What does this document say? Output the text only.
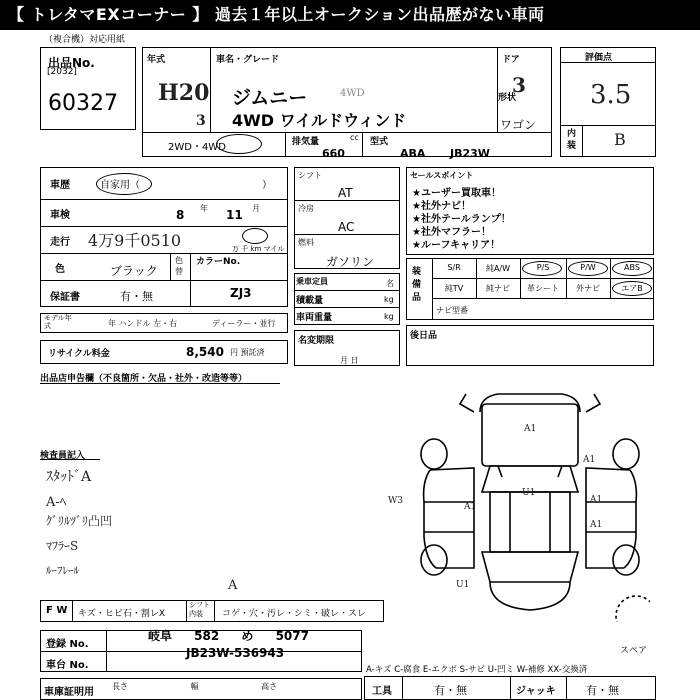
【 トレタマEXコーナー 】 過去１年以上オークション出品歴がない車両
（複合機）対応用紙
出品No.
[2032]
60327
年式
H20
3
車名・グレード
ジムニー	4WD
4WD ワイルドウィンド
ドア
3
形状
ワゴン
2WD・4WD	排気量	cc
660
型式
ABA JB23W
評価点
3.5
内装 B
車歴	自家用（	）
車検	8 年 11 月
走行 4万9千0510	万 千 km マイル
色	ブラック
色替
カラーNo.
ZJ3
保証書	有・無
モデル年式	年 ハンドル 左・右	ディーラー・並行
リサイクル料金	8,540 円 預託済
シフト
AT
冷房
AC
燃料
ガソリン
乗車定員	名
積載量	kg
車両重量	kg
名変期限
月 日
セールスポイント
★ユーザー買取車！
★社外ナビ！
★社外テールランプ！
★社外マフラー！
★ルーフキャリア！
装備品
S/R	純A/W	P/S	P/W	ABS
純TV	純ナビ	革シート	外ナビ	エアB
ナビ型番
後日品
出品店申告欄（不良箇所・欠品・社外・改造等等）
検査員記入
ｽﾀｯﾄﾞA
A-ﾍ
ｸﾞﾘﾙﾂﾞﾘ凸凹
ﾏﾌﾗｰS
ﾙｰﾌﾚｰﾙ
A1
A1
U1
A1
A1
A1
U1
W3
スペア
F W キズ・ヒビ石・割レX
シフト 内装	コゲ・穴・汚レ・シミ・破レ・スレ
A
登録 No.
岐阜 582 め 5077
車台 No.
JB23W-536943
車庫証明用
長さ 幅 高さ
A-キズ C-腐食 E-エクボ S-サビ U-凹ミ W-補修 XX-交換済
工具	有・無	ジャッキ	有・無
